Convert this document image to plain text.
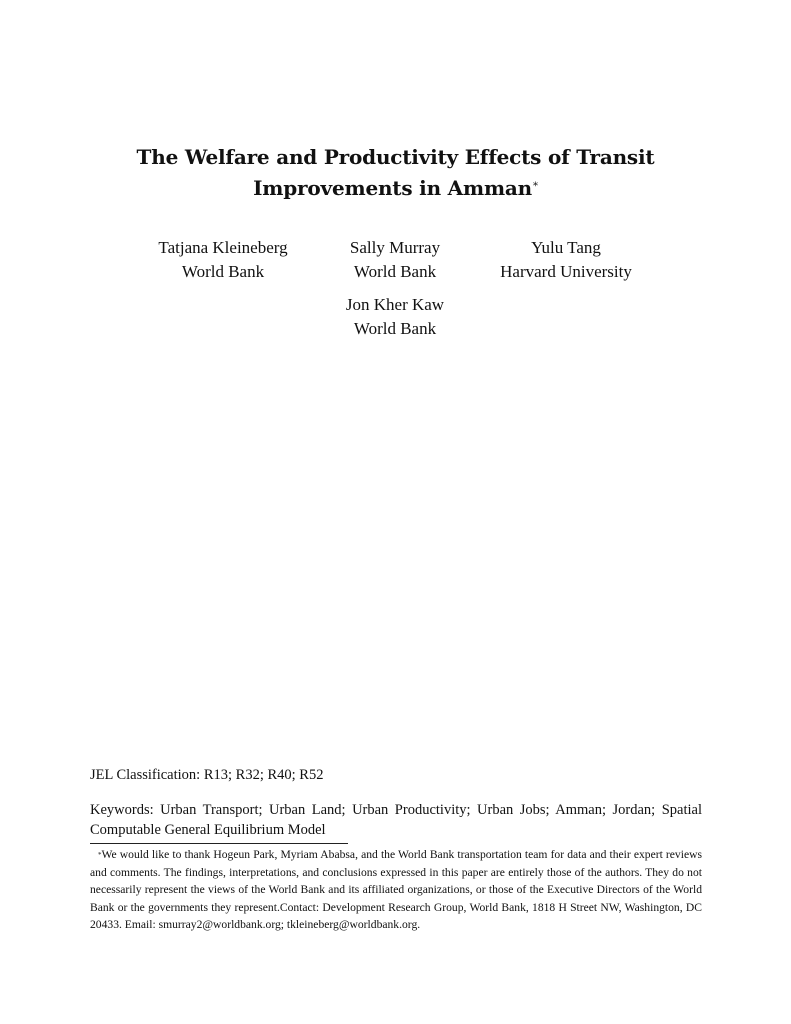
The Welfare and Productivity Effects of Transit
Improvements in Amman*
Tatjana Kleineberg
World Bank
Sally Murray
World Bank
Yulu Tang
Harvard University
Jon Kher Kaw
World Bank
JEL Classification: R13; R32; R40; R52
Keywords: Urban Transport; Urban Land; Urban Productivity; Urban Jobs; Amman; Jordan; Spatial Computable General Equilibrium Model
*We would like to thank Hogeun Park, Myriam Ababsa, and the World Bank transportation team for data and their expert reviews and comments. The findings, interpretations, and conclusions expressed in this paper are entirely those of the authors. They do not necessarily represent the views of the World Bank and its affiliated organizations, or those of the Executive Directors of the World Bank or the governments they represent.Contact: Development Research Group, World Bank, 1818 H Street NW, Washington, DC 20433. Email: smurray2@worldbank.org; tkleineberg@worldbank.org.
